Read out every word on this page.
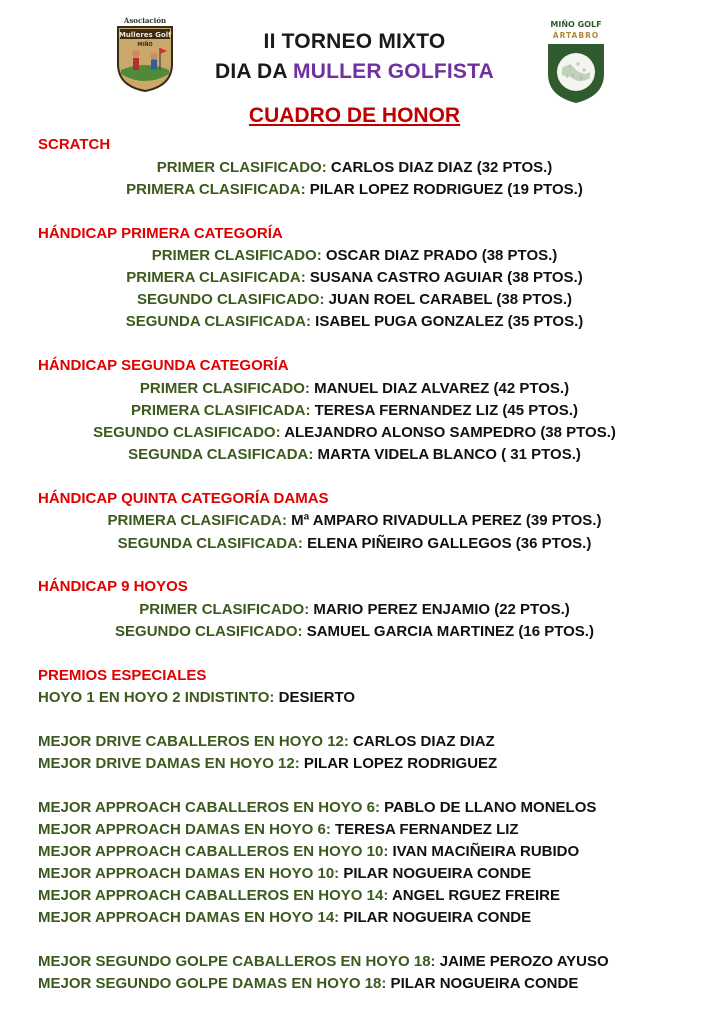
Asociación
Mulleres Golf
MIÑO
MIÑO GOLF
ÁRTABRO
II TORNEO MIXTO
DIA DA MULLER GOLFISTA
CUADRO DE HONOR
SCRATCH
PRIMER CLASIFICADO: CARLOS DIAZ DIAZ (32 PTOS.)
PRIMERA CLASIFICADA: PILAR LOPEZ RODRIGUEZ (19 PTOS.)
HÁNDICAP PRIMERA CATEGORÍA
PRIMER CLASIFICADO: OSCAR DIAZ PRADO (38 PTOS.)
PRIMERA CLASIFICADA: SUSANA CASTRO AGUIAR (38 PTOS.)
SEGUNDO CLASIFICADO: JUAN ROEL CARABEL (38 PTOS.)
SEGUNDA CLASIFICADA: ISABEL PUGA GONZALEZ (35 PTOS.)
HÁNDICAP SEGUNDA CATEGORÍA
PRIMER CLASIFICADO: MANUEL DIAZ ALVAREZ (42 PTOS.)
PRIMERA CLASIFICADA: TERESA FERNANDEZ LIZ (45 PTOS.)
SEGUNDO CLASIFICADO: ALEJANDRO ALONSO SAMPEDRO (38 PTOS.)
SEGUNDA CLASIFICADA: MARTA VIDELA BLANCO ( 31 PTOS.)
HÁNDICAP QUINTA CATEGORÍA DAMAS
PRIMERA CLASIFICADA: Mª AMPARO RIVADULLA PEREZ (39 PTOS.)
SEGUNDA CLASIFICADA: ELENA PIÑEIRO GALLEGOS (36 PTOS.)
HÁNDICAP 9 HOYOS
PRIMER CLASIFICADO: MARIO PEREZ ENJAMIO (22 PTOS.)
SEGUNDO CLASIFICADO: SAMUEL GARCIA MARTINEZ (16 PTOS.)
PREMIOS ESPECIALES
HOYO 1 EN HOYO 2 INDISTINTO: DESIERTO
MEJOR DRIVE CABALLEROS EN HOYO 12: CARLOS DIAZ DIAZ
MEJOR DRIVE DAMAS EN HOYO 12: PILAR LOPEZ RODRIGUEZ
MEJOR APPROACH CABALLEROS EN HOYO 6: PABLO DE LLANO MONELOS
MEJOR APPROACH DAMAS EN HOYO 6: TERESA FERNANDEZ LIZ
MEJOR APPROACH CABALLEROS EN HOYO 10: IVAN MACIÑEIRA RUBIDO
MEJOR APPROACH DAMAS EN HOYO 10: PILAR NOGUEIRA CONDE
MEJOR APPROACH CABALLEROS EN HOYO 14: ANGEL RGUEZ FREIRE
MEJOR APPROACH DAMAS EN HOYO 14: PILAR NOGUEIRA CONDE
MEJOR SEGUNDO GOLPE CABALLEROS EN HOYO 18: JAIME PEROZO AYUSO
MEJOR SEGUNDO GOLPE DAMAS EN HOYO 18: PILAR NOGUEIRA CONDE
